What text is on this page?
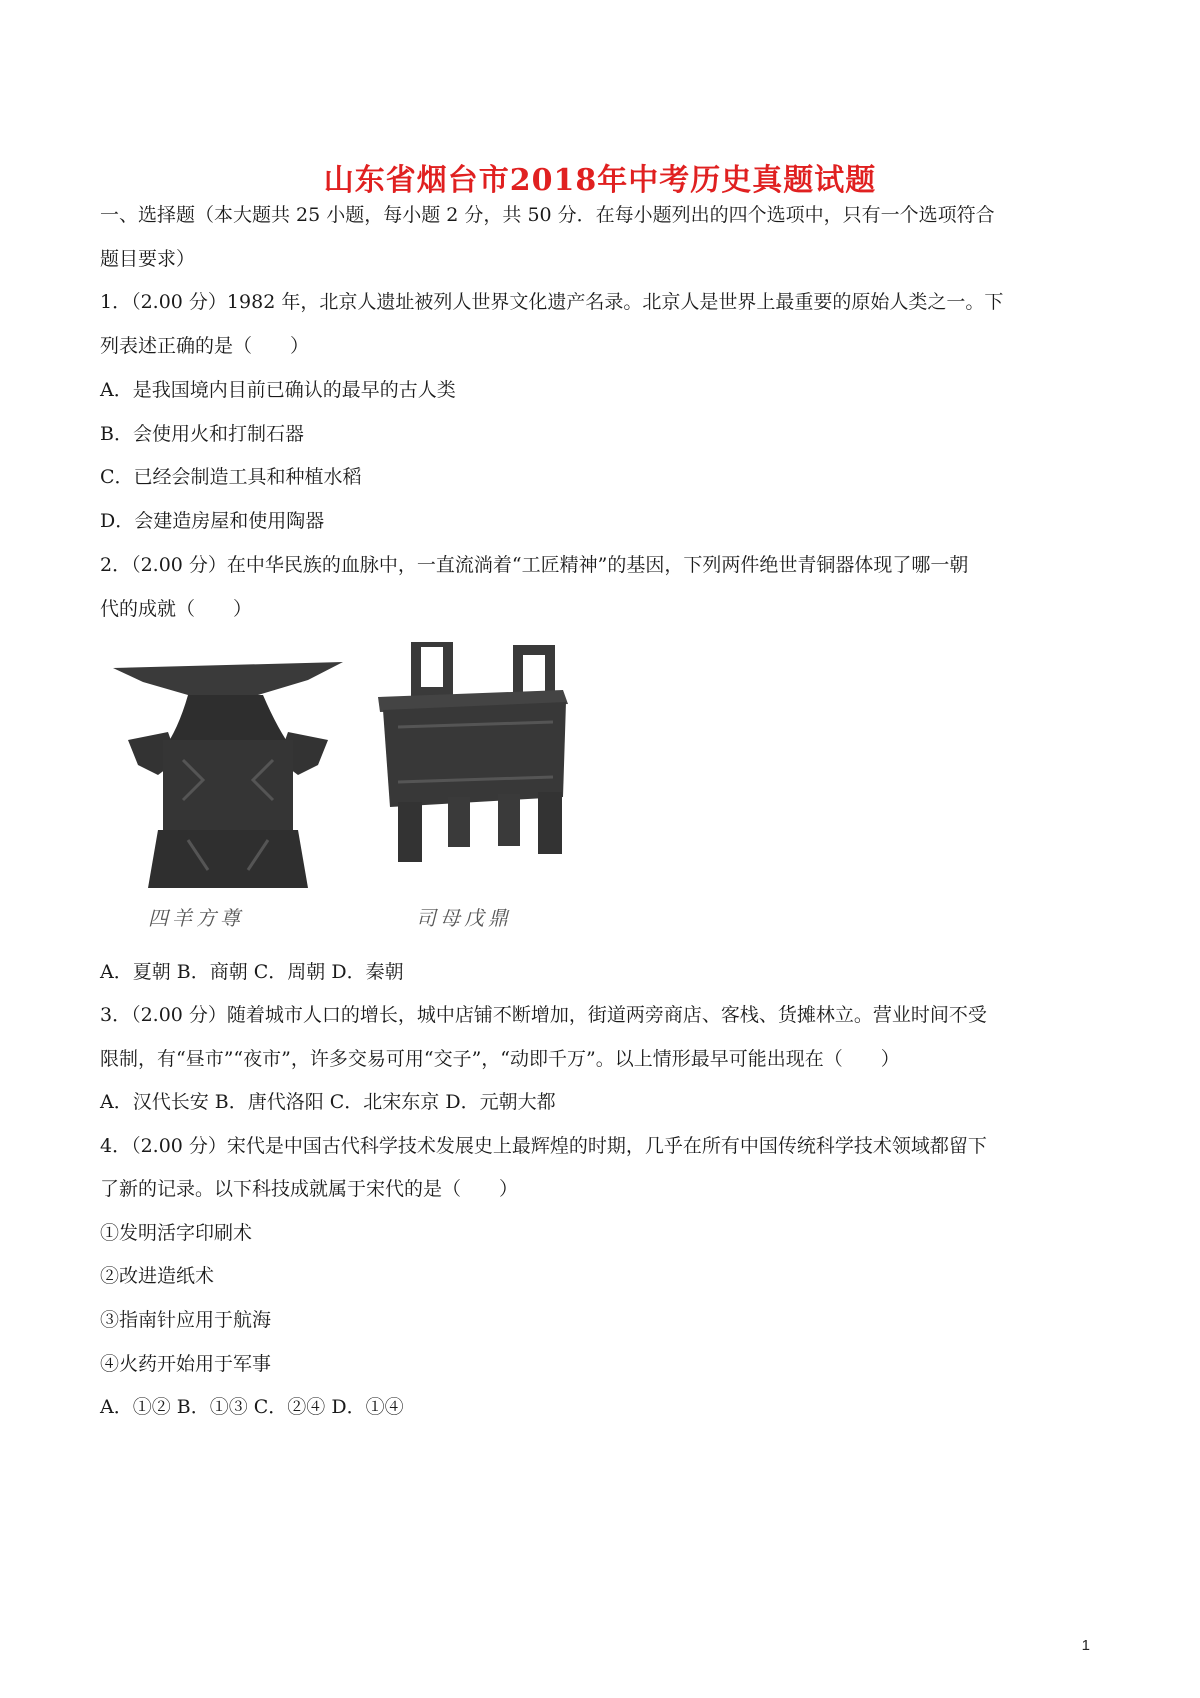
山东省烟台市2018年中考历史真题试题
一、选择题（本大题共 25 小题，每小题 2 分，共 50 分．在每小题列出的四个选项中，只有一个选项符合
题目要求）
1．（2.00 分）1982 年，北京人遗址被列人世界文化遗产名录。北京人是世界上最重要的原始人类之一。下
列表述正确的是（　　）
A．是我国境内目前已确认的最早的古人类
B．会使用火和打制石器
C．已经会制造工具和种植水稻
D．会建造房屋和使用陶器
2．（2.00 分）在中华民族的血脉中，一直流淌着“工匠精神”的基因，下列两件绝世青铜器体现了哪一朝
代的成就（　　）
四羊方尊	司母戊鼎
A．夏朝 B．商朝 C．周朝 D．秦朝
3．（2.00 分）随着城市人口的增长，城中店铺不断增加，街道两旁商店、客栈、货摊林立。营业时间不受
限制，有“昼市”“夜市”，许多交易可用“交子”，“动即千万”。以上情形最早可能出现在（　　）
A．汉代长安 B．唐代洛阳 C．北宋东京 D．元朝大都
4．（2.00 分）宋代是中国古代科学技术发展史上最辉煌的时期，几乎在所有中国传统科学技术领域都留下
了新的记录。以下科技成就属于宋代的是（　　）
①发明活字印刷术
②改进造纸术
③指南针应用于航海
④火药开始用于军事
A．①② B．①③ C．②④ D．①④
1
